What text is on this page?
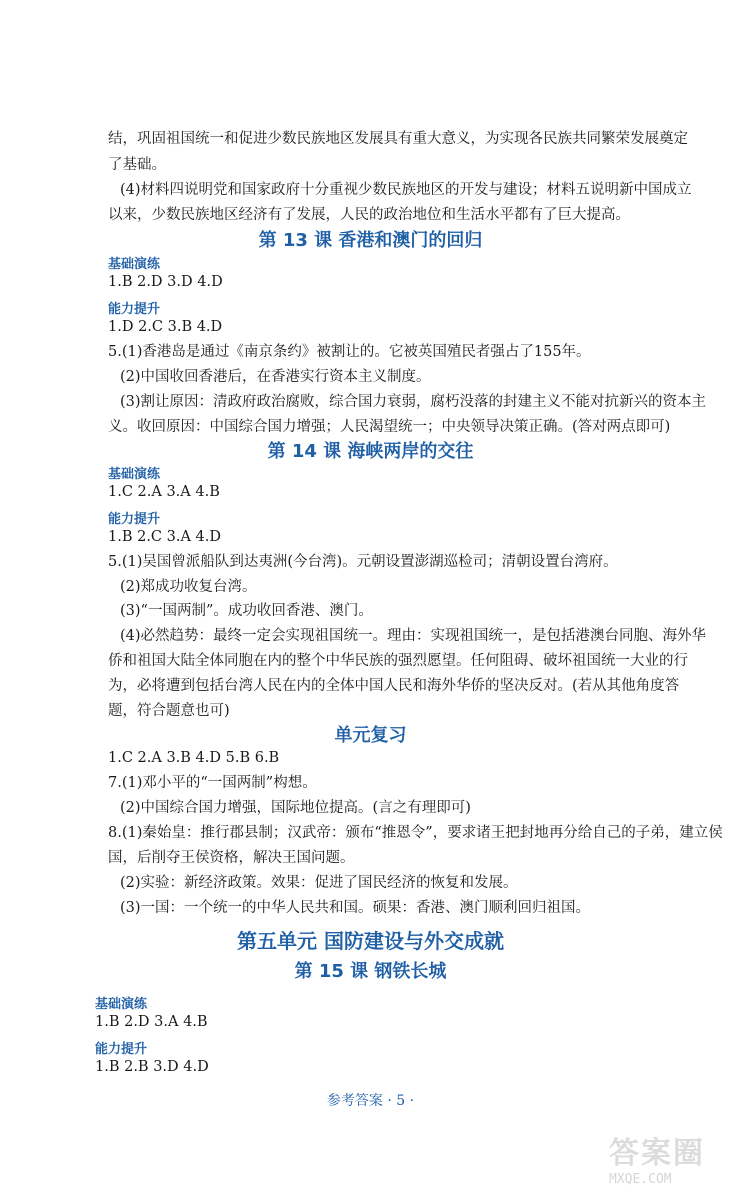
结，巩固祖国统一和促进少数民族地区发展具有重大意义，为实现各民族共同繁荣发展奠定
了基础。
(4)材料四说明党和国家政府十分重视少数民族地区的开发与建设；材料五说明新中国成立
以来，少数民族地区经济有了发展，人民的政治地位和生活水平都有了巨大提高。
第 13 课 香港和澳门的回归
基础演练
1.B 2.D 3.D 4.D
能力提升
1.D 2.C 3.B 4.D
5.(1)香港岛是通过《南京条约》被割让的。它被英国殖民者强占了155年。
(2)中国收回香港后，在香港实行资本主义制度。
(3)割让原因：清政府政治腐败，综合国力衰弱，腐朽没落的封建主义不能对抗新兴的资本主
义。收回原因：中国综合国力增强；人民渴望统一；中央领导决策正确。(答对两点即可)
第 14 课 海峡两岸的交往
基础演练
1.C 2.A 3.A 4.B
能力提升
1.B 2.C 3.A 4.D
5.(1)吴国曾派船队到达夷洲(今台湾)。元朝设置澎湖巡检司；清朝设置台湾府。
(2)郑成功收复台湾。
(3)“一国两制”。成功收回香港、澳门。
(4)必然趋势：最终一定会实现祖国统一。理由：实现祖国统一，是包括港澳台同胞、海外华
侨和祖国大陆全体同胞在内的整个中华民族的强烈愿望。任何阻碍、破坏祖国统一大业的行
为，必将遭到包括台湾人民在内的全体中国人民和海外华侨的坚决反对。(若从其他角度答
题，符合题意也可)
单元复习
1.C 2.A 3.B 4.D 5.B 6.B
7.(1)邓小平的“一国两制”构想。
(2)中国综合国力增强，国际地位提高。(言之有理即可)
8.(1)秦始皇：推行郡县制；汉武帝：颁布“推恩令”，要求诸王把封地再分给自己的子弟，建立侯
国，后削夺王侯资格，解决王国问题。
(2)实验：新经济政策。效果：促进了国民经济的恢复和发展。
(3)一国：一个统一的中华人民共和国。硕果：香港、澳门顺利回归祖国。
第五单元 国防建设与外交成就
第 15 课 钢铁长城
基础演练
1.B 2.D 3.A 4.B
能力提升
1.B 2.B 3.D 4.D
参考答案 · 5 ·
答案圈
MXQE.COM
